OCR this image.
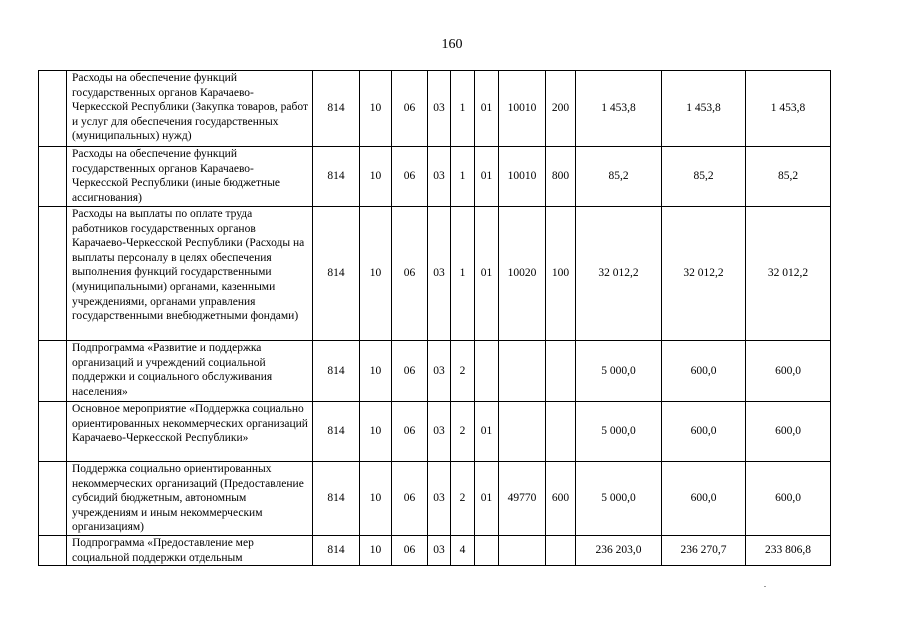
160
	Расходы на обеспечение функций государственных органов Карачаево-Черкесской Республики (Закупка товаров, работ и услуг для обеспечения государственных (муниципальных) нужд)	814	10	06	03	1	01	10010	200	1 453,8	1 453,8	1 453,8
	Расходы на обеспечение функций государственных органов Карачаево-Черкесской Республики (иные бюджетные ассигнования)	814	10	06	03	1	01	10010	800	85,2	85,2	85,2
	Расходы на выплаты по оплате труда работников государственных органов Карачаево-Черкесской Республики (Расходы на выплаты персоналу в целях обеспечения выполнения функций государственными (муниципальными) органами, казенными учреждениями, органами управления государственными внебюджетными фондами)	814	10	06	03	1	01	10020	100	32 012,2	32 012,2	32 012,2
	Подпрограмма «Развитие и поддержка организаций и учреждений социальной поддержки и социального обслуживания населения»	814	10	06	03	2				5 000,0	600,0	600,0
	Основное мероприятие «Поддержка социально ориентированных некоммерческих организаций Карачаево-Черкесской Республики»	814	10	06	03	2	01			5 000,0	600,0	600,0
	Поддержка социально ориентированных некоммерческих организаций (Предоставление субсидий бюджетным, автономным учреждениям и иным некоммерческим организациям)	814	10	06	03	2	01	49770	600	5 000,0	600,0	600,0
	Подпрограмма «Предоставление мер социальной поддержки отдельным	814	10	06	03	4				236 203,0	236 270,7	233 806,8
